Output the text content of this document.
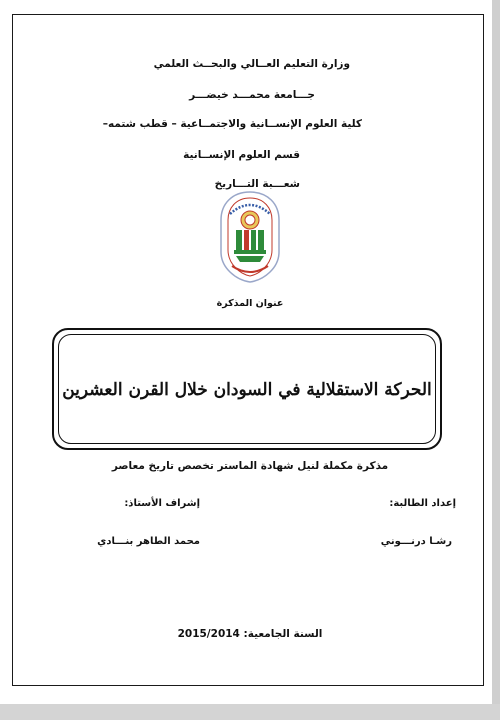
وزارة التعليم العــالي والبحــث العلمي
جـــامعة محمـــد خيضـــر
كلية العلوم الإنســانية والاجتمــاعية – قطب شتمه–
قسم العلوم الإنســانية
شعـــبة التـــاريخ
عنوان المذكرة
الحركة الاستقلالية في السودان خلال القرن العشرين
مذكرة مكملة لنيل شهادة الماستر تخصص تاريخ معاصر
إعداد الطالبة:
إشراف الأستاذ:
رشـا درنـــوني
محمد الطاهر بنـــادي
السنة الجامعية: 2015/2014
